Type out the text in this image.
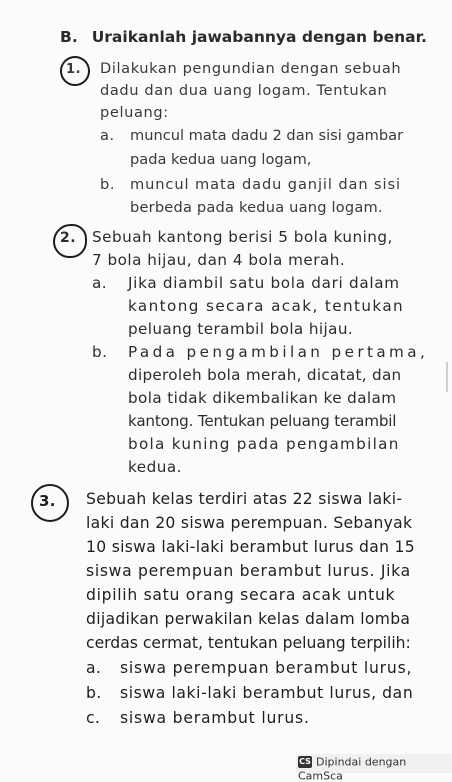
B. Uraikanlah jawabannya dengan benar.
1. Dilakukan pengundian dengan sebuah
dadu dan dua uang logam. Tentukan
peluang:
a. muncul mata dadu 2 dan sisi gambar
pada kedua uang logam,
b. muncul mata dadu ganjil dan sisi
berbeda pada kedua uang logam.
2. Sebuah kantong berisi 5 bola kuning,
7 bola hijau, dan 4 bola merah.
a. Jika diambil satu bola dari dalam
kantong secara acak, tentukan
peluang terambil bola hijau.
b. Pada pengambilan pertama,
diperoleh bola merah, dicatat, dan
bola tidak dikembalikan ke dalam
kantong. Tentukan peluang terambil
bola kuning pada pengambilan
kedua.
3. Sebuah kelas terdiri atas 22 siswa laki-
laki dan 20 siswa perempuan. Sebanyak
10 siswa laki-laki berambut lurus dan 15
siswa perempuan berambut lurus. Jika
dipilih satu orang secara acak untuk
dijadikan perwakilan kelas dalam lomba
cerdas cermat, tentukan peluang terpilih:
a. siswa perempuan berambut lurus,
b. siswa laki-laki berambut lurus, dan
c. siswa berambut lurus.
CS Dipindai dengan CamSca
